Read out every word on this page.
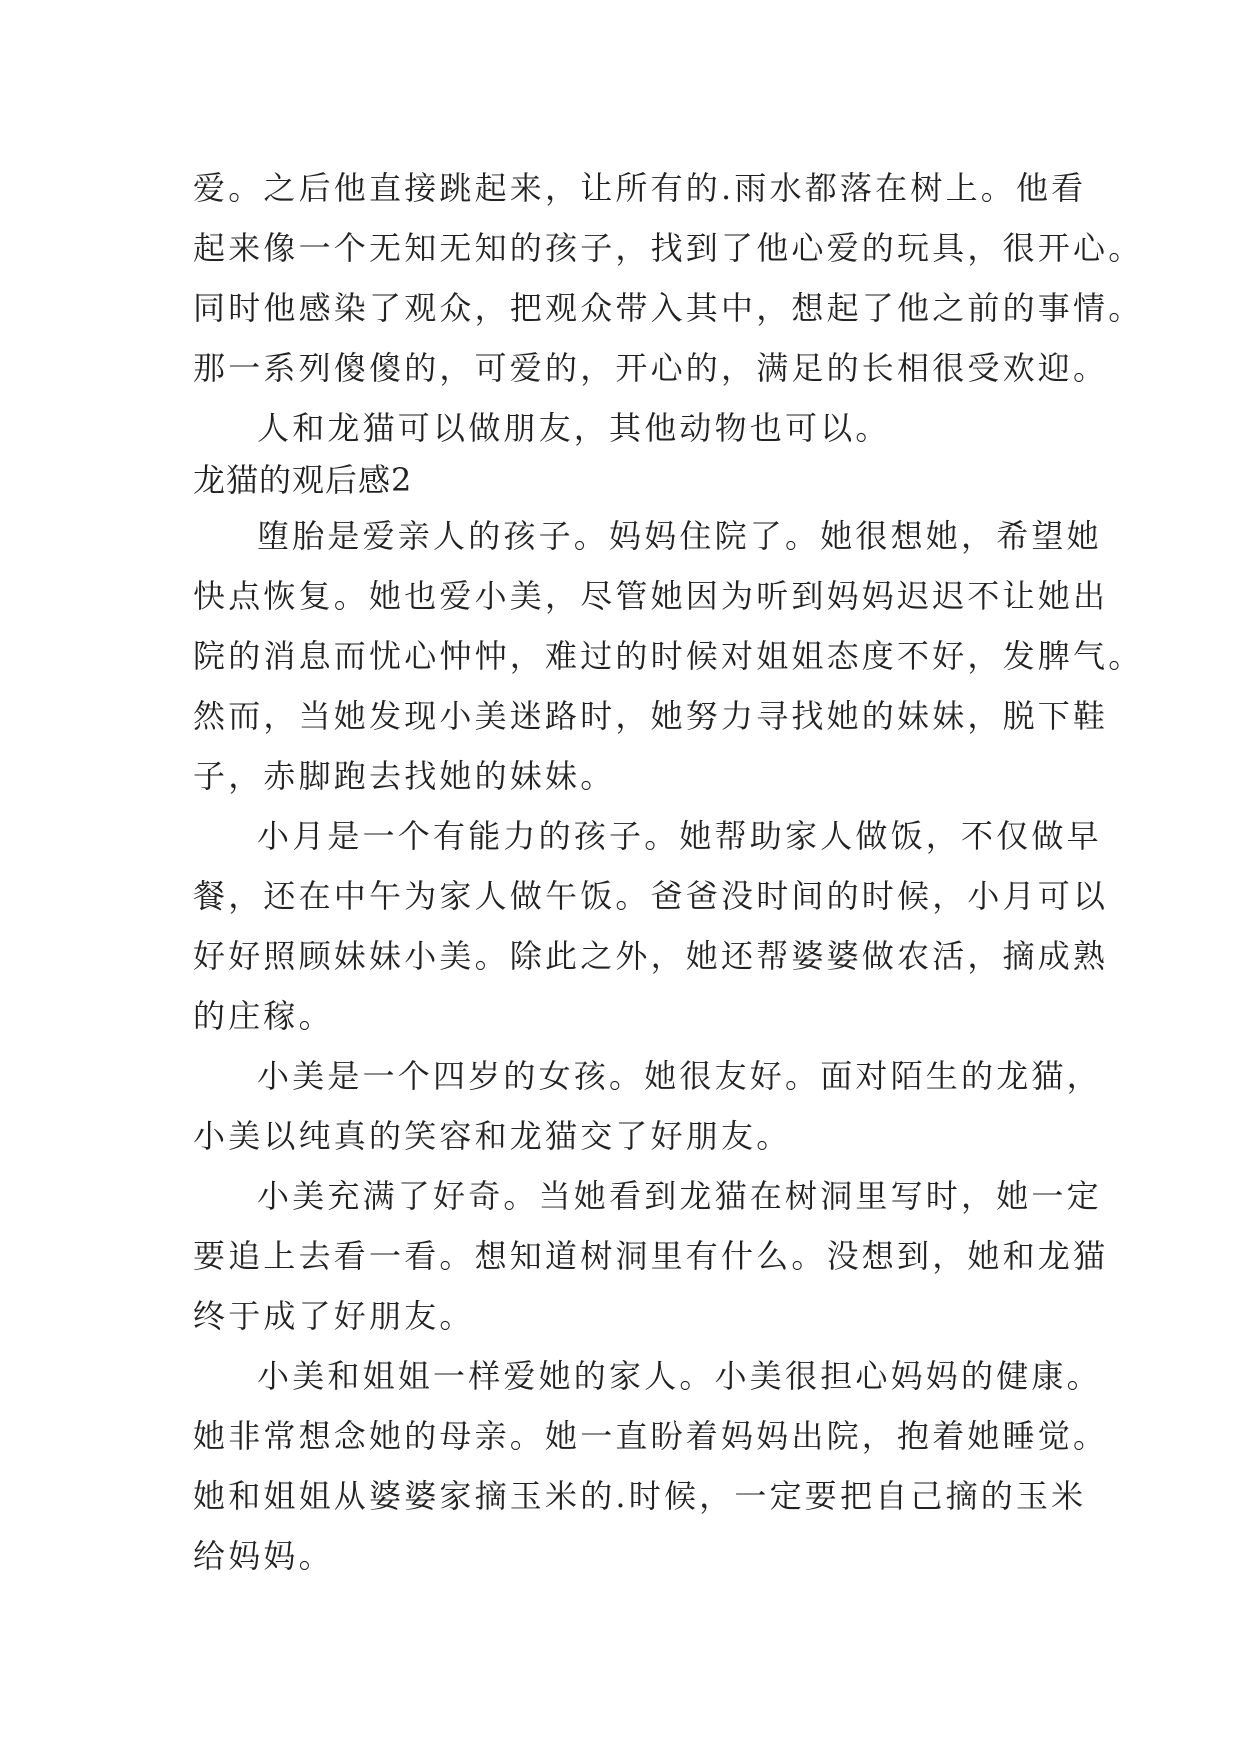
爱。之后他直接跳起来，让所有的.雨水都落在树上。他看
起来像一个无知无知的孩子，找到了他心爱的玩具，很开心。
同时他感染了观众，把观众带入其中，想起了他之前的事情。
那一系列傻傻的，可爱的，开心的，满足的长相很受欢迎。
人和龙猫可以做朋友，其他动物也可以。
龙猫的观后感2
堕胎是爱亲人的孩子。妈妈住院了。她很想她，希望她
快点恢复。她也爱小美，尽管她因为听到妈妈迟迟不让她出
院的消息而忧心忡忡，难过的时候对姐姐态度不好，发脾气。
然而，当她发现小美迷路时，她努力寻找她的妹妹，脱下鞋
子，赤脚跑去找她的妹妹。
小月是一个有能力的孩子。她帮助家人做饭，不仅做早
餐，还在中午为家人做午饭。爸爸没时间的时候，小月可以
好好照顾妹妹小美。除此之外，她还帮婆婆做农活，摘成熟
的庄稼。
小美是一个四岁的女孩。她很友好。面对陌生的龙猫，
小美以纯真的笑容和龙猫交了好朋友。
小美充满了好奇。当她看到龙猫在树洞里写时，她一定
要追上去看一看。想知道树洞里有什么。没想到，她和龙猫
终于成了好朋友。
小美和姐姐一样爱她的家人。小美很担心妈妈的健康。
她非常想念她的母亲。她一直盼着妈妈出院，抱着她睡觉。
她和姐姐从婆婆家摘玉米的.时候，一定要把自己摘的玉米
给妈妈。
